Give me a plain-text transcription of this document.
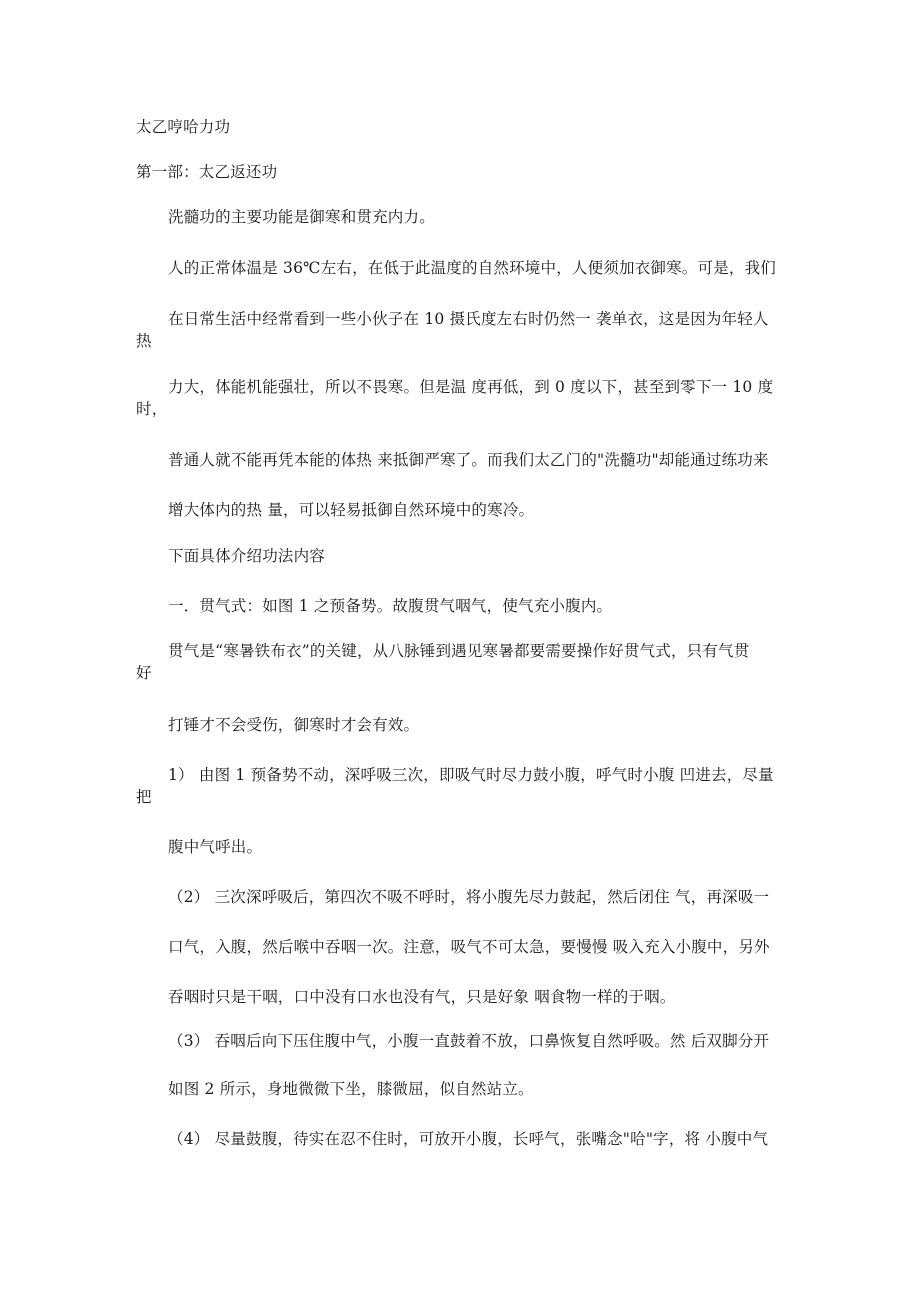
太乙哼哈力功
第一部：太乙返还功
洗髓功的主要功能是御寒和贯充内力。
人的正常体温是 36℃左右，在低于此温度的自然环境中，人便须加衣御寒。可是，我们
在日常生活中经常看到一些小伙子在 10 摄氏度左右时仍然一 袭单衣，这是因为年轻人
热
力大，体能机能强壮，所以不畏寒。但是温 度再低，到 0 度以下，甚至到零下一 10 度
时，
普通人就不能再凭本能的体热 来抵御严寒了。而我们太乙门的"洗髓功"却能通过练功来
增大体内的热 量，可以轻易抵御自然环境中的寒冷。
下面具体介绍功法内容
一．贯气式：如图 1 之预备势。故腹贯气咽气，使气充小腹内。
贯气是“寒暑铁布衣”的关键，从八脉锤到遇见寒暑都要需要操作好贯气式，只有气贯
好
打锤才不会受伤，御寒时才会有效。
1） 由图 1 预备势不动，深呼吸三次，即吸气时尽力鼓小腹，呼气时小腹 凹进去，尽量
把
腹中气呼出。
（2） 三次深呼吸后，第四次不吸不呼时，将小腹先尽力鼓起，然后闭住 气，再深吸一
口气，入腹，然后喉中吞咽一次。注意，吸气不可太急，要慢慢 吸入充入小腹中，另外
吞咽时只是干咽，口中没有口水也没有气，只是好象 咽食物一样的于咽。
（3） 吞咽后向下压住腹中气，小腹一直鼓着不放，口鼻恢复自然呼吸。然 后双脚分开
如图 2 所示，身地微微下坐，膝微屈，似自然站立。
（4） 尽量鼓腹，待实在忍不住时，可放开小腹，长呼气，张嘴念"哈"字，将 小腹中气
